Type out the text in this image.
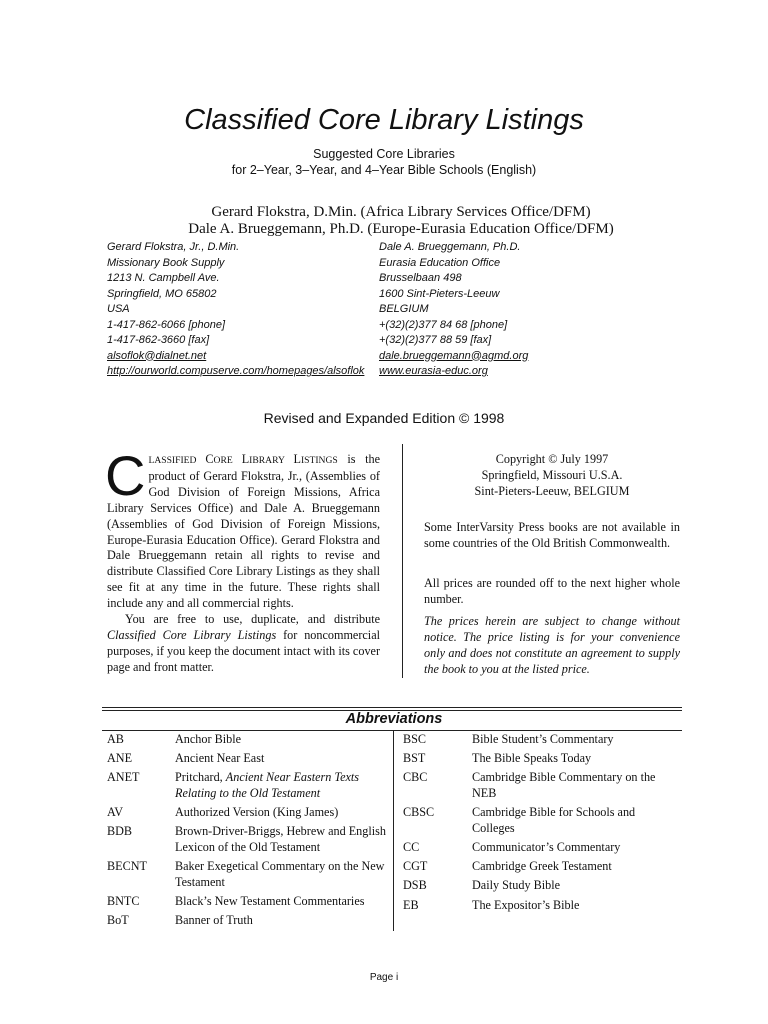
Classified Core Library Listings

Suggested Core Libraries

for 2–Year, 3–Year, and 4–Year Bible Schools (English)

Gerard Flokstra, D.Min. (Africa Library Services Office/DFM)

Dale A. Brueggemann, Ph.D. (Europe-Eurasia Education Office/DFM)

Gerard Flokstra, Jr., D.Min.
Missionary Book Supply
1213 N. Campbell Ave.
Springfield, MO 65802
USA
1-417-862-6066 [phone]
1-417-862-3660 [fax]
alsoflok@dialnet.net
http://ourworld.compuserve.com/homepages/alsoflok
Dale A. Brueggemann, Ph.D.
Eurasia Education Office
Brusselbaan 498
1600 Sint-Pieters-Leeuw
BELGIUM
+(32)(2)377 84 68 [phone]
+(32)(2)377 88 59 [fax]
dale.brueggemann@agmd.org
www.eurasia-educ.org

Revised and Expanded Edition © 1998

CLASSIFIED CORE LIBRARY LISTINGS is the product of Gerard Flokstra, Jr., (Assemblies of God Division of Foreign Missions, Africa Library Services Office) and Dale A. Brueggemann (Assemblies of God Division of Foreign Missions, Europe-Eurasia Education Office). Gerard Flokstra and Dale Brueggemann retain all rights to revise and distribute Classified Core Library Listings as they shall see fit at any time in the future. These rights shall include any and all commercial rights.

You are free to use, duplicate, and distribute Classified Core Library Listings for noncommercial purposes, if you keep the document intact with its cover page and front matter.

Copyright © July 1997

Springfield, Missouri U.S.A.

Sint-Pieters-Leeuw, BELGIUM

Some InterVarsity Press books are not available in some countries of the Old British Commonwealth.

All prices are rounded off to the next higher whole number.

The prices herein are subject to change without notice. The price listing is for your convenience only and does not constitute an agreement to supply the book to you at the listed price.

Abbreviations
AB	Anchor Bible
ANE	Ancient Near East
ANET	Pritchard, Ancient Near Eastern Texts Relating to the Old Testament
AV	Authorized Version (King James)
BDB	Brown-Driver-Briggs, Hebrew and English Lexicon of the Old Testament
BECNT	Baker Exegetical Commentary on the New Testament
BNTC	Black’s New Testament Commentaries
BoT	Banner of Truth
BSC	Bible Student’s Commentary
BST	The Bible Speaks Today
CBC	Cambridge Bible Commentary on the NEB
CBSC	Cambridge Bible for Schools and Colleges
CC	Communicator’s Commentary
CGT	Cambridge Greek Testament
DSB	Daily Study Bible
EB	The Expositor’s Bible

Page i
